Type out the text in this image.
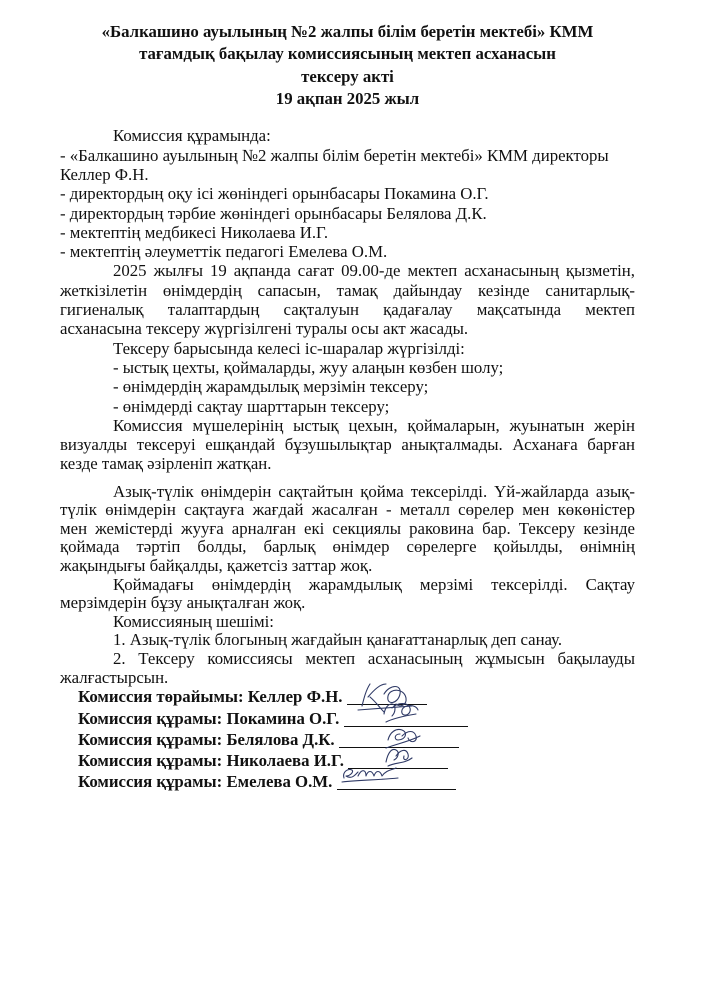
«Балкашино ауылының №2 жалпы білім беретін мектебі» КММ
тағамдық бақылау комиссиясының мектеп асханасын
тексеру акті
19 ақпан 2025 жыл
Комиссия құрамында:
- «Балкашино ауылының №2 жалпы білім беретін мектебі» КММ директоры
Келлер Ф.Н.
- директордың оқу ісі жөніндегі орынбасары Покамина О.Г.
- директордың тәрбие жөніндегі орынбасары Белялова Д.К.
- мектептің медбикесі Николаева И.Г.
- мектептің әлеуметтік педагогі Емелева О.М.
2025 жылғы 19 ақпанда сағат 09.00-де мектеп асханасының қызметін,
жеткізілетін өнімдердің сапасын, тамақ дайындау кезінде санитарлық-
гигиеналық талаптардың сақталуын қадағалау мақсатында мектеп
асханасына тексеру жүргізілгені туралы осы акт жасады.
Тексеру барысында келесі іс-шаралар жүргізілді:
- ыстық цехты, қоймаларды, жуу алаңын көзбен шолу;
- өнімдердің жарамдылық мерзімін тексеру;
- өнімдерді сақтау шарттарын тексеру;
Комиссия мүшелерінің ыстық цехын, қоймаларын, жуынатын жерін
визуалды тексеруі ешқандай бұзушылықтар анықталмады. Асханаға барған
кезде тамақ әзірленіп жатқан.
Азық-түлік өнімдерін сақтайтын қойма тексерілді. Үй-жайларда азық-
түлік өнімдерін сақтауға жағдай жасалған - металл сөрелер мен көкөністер
мен жемістерді жууға арналған екі секциялы раковина бар. Тексеру кезінде
қоймада тәртіп болды, барлық өнімдер сөрелерге қойылды, өнімнің
жақындығы байқалды, қажетсіз заттар жоқ.
Қоймадағы өнімдердің жарамдылық мерзімі тексерілді. Сақтау
мерзімдерін бұзу анықталған жоқ.
Комиссияның шешімі:
1. Азық-түлік блогының жағдайын қанағаттанарлық деп санау.
2. Тексеру комиссиясы мектеп асханасының жұмысын бақылауды
жалғастырсын.
Комиссия төрайымы: Келлер Ф.Н.
Комиссия құрамы: Покамина О.Г.
Комиссия құрамы: Белялова Д.К.
Комиссия құрамы: Николаева И.Г.
Комиссия құрамы: Емелева О.М.
